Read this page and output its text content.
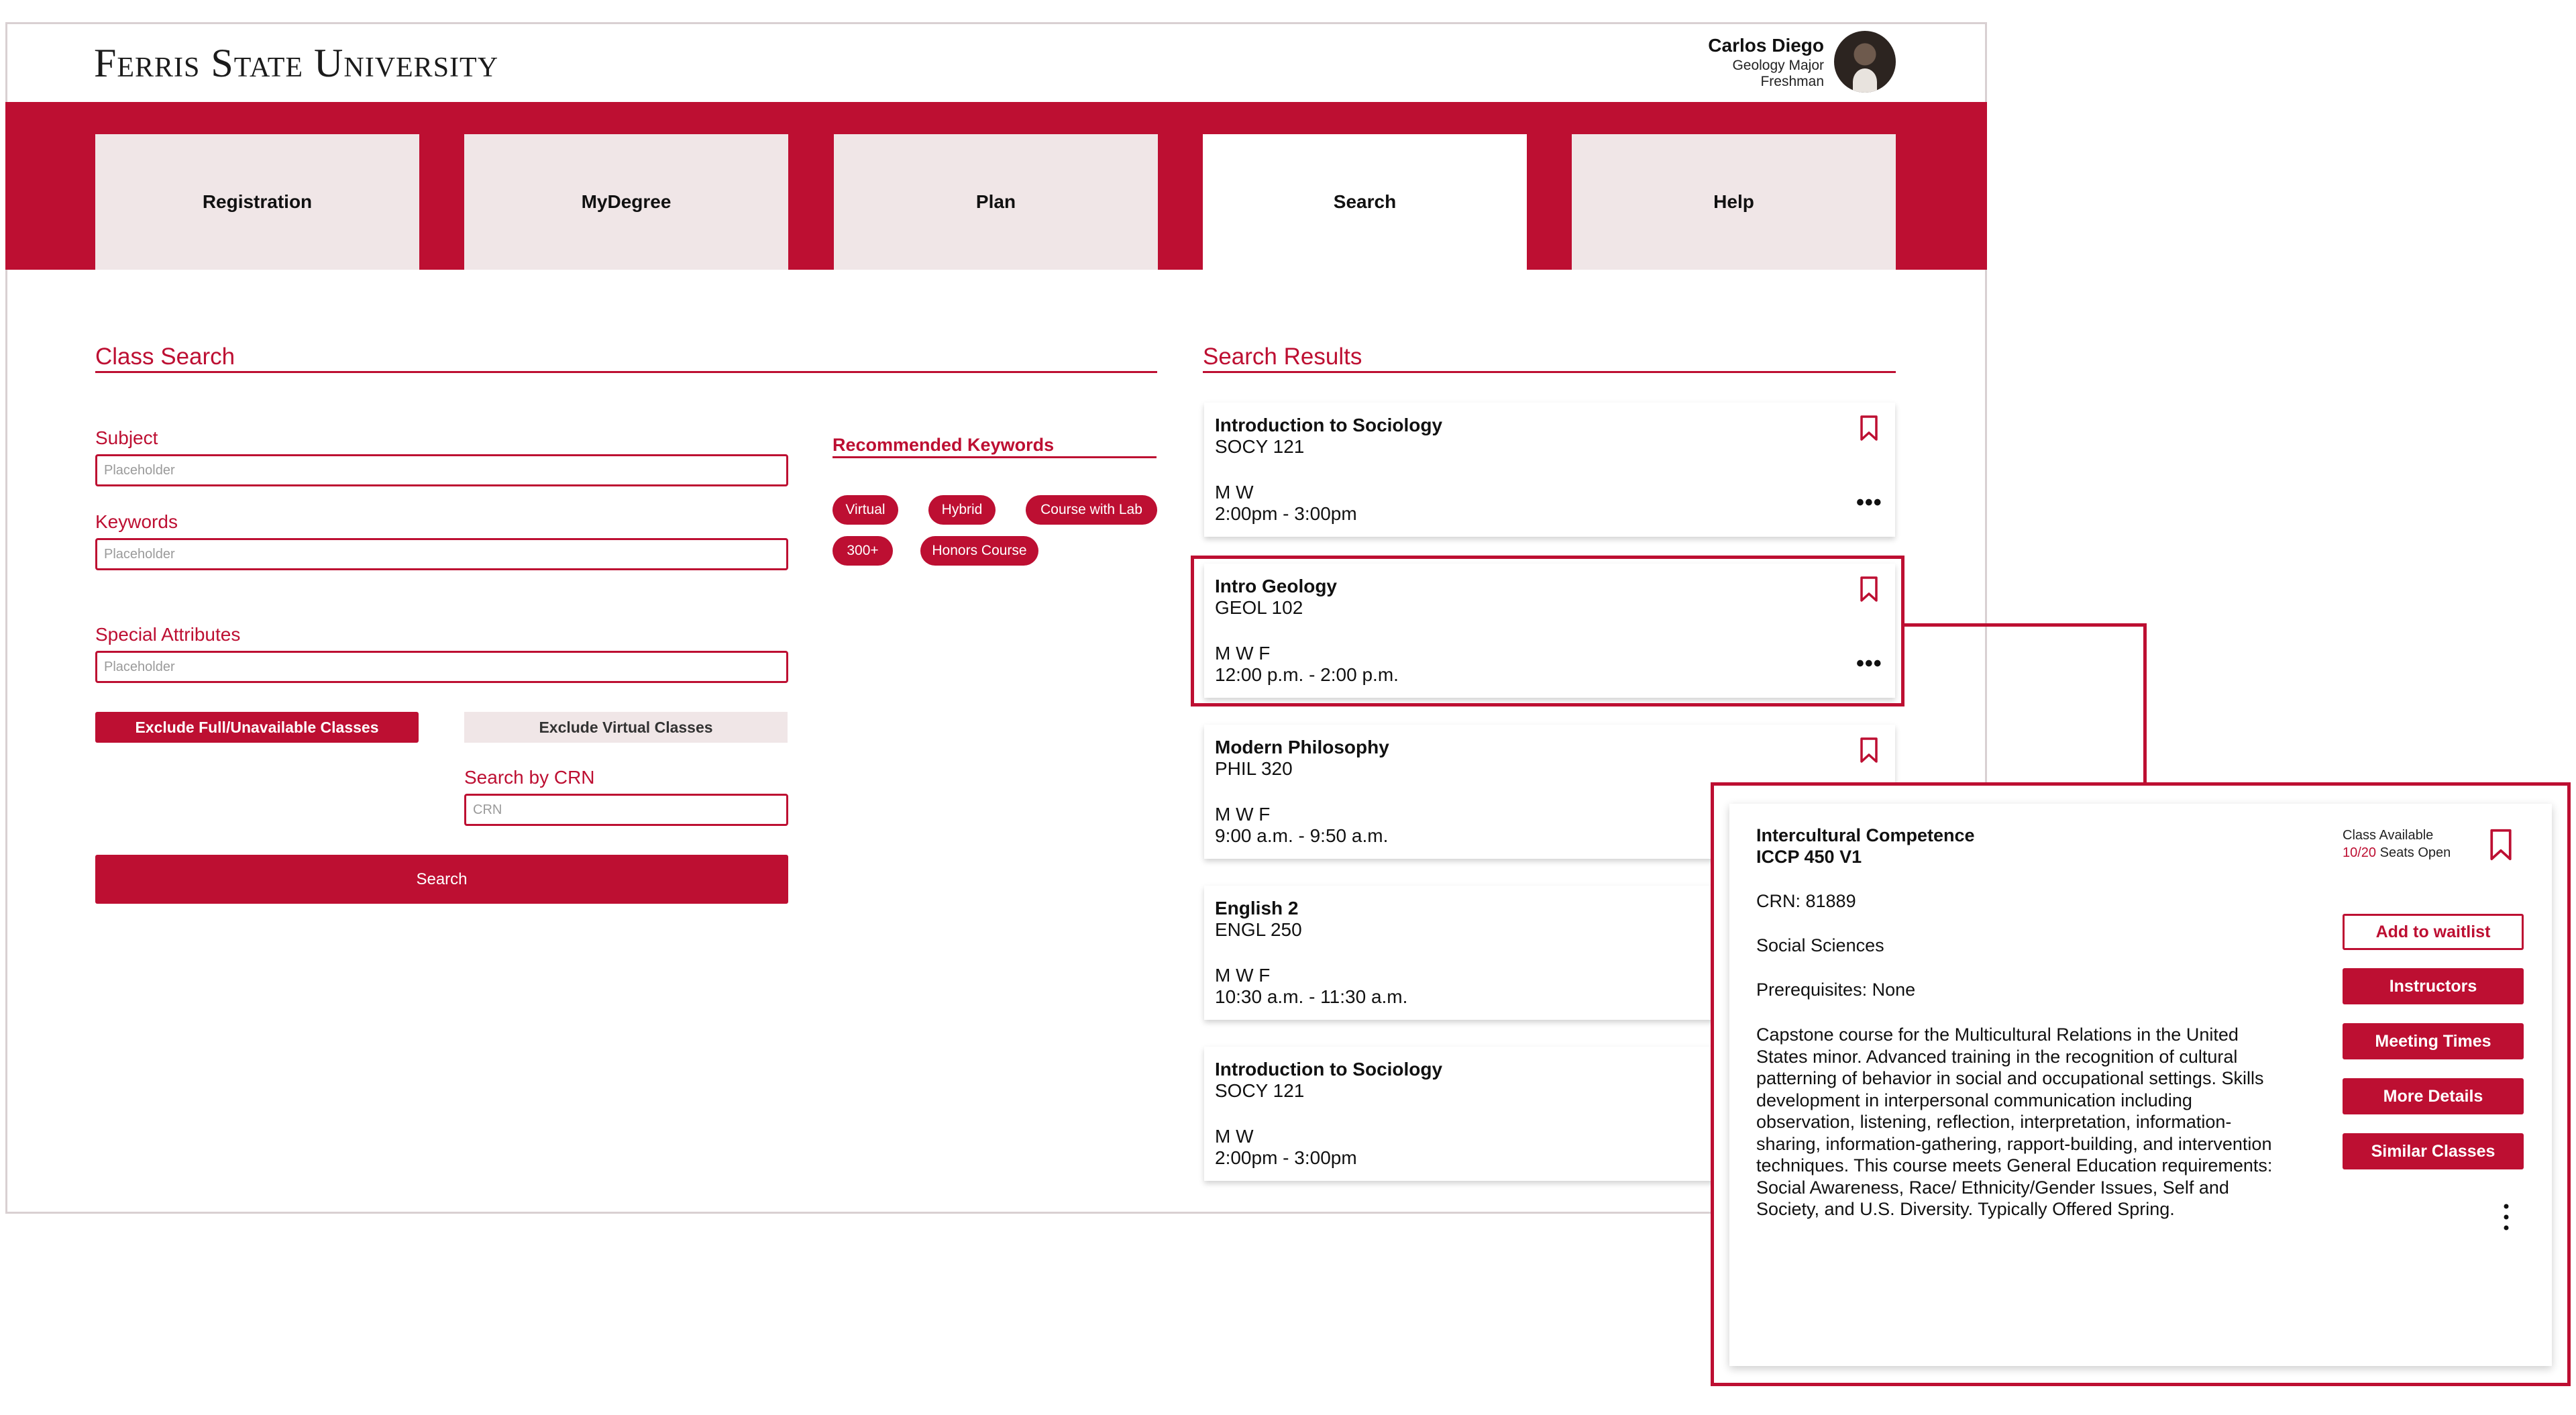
Ferris State University	Carlos Diego
Geology Major
Freshman
Registration	MyDegree	Plan	Search	Help
Class Search
Subject
Placeholder
Keywords
Placeholder
Special Attributes
Placeholder
Exclude Full/Unavailable Classes	Exclude Virtual Classes
Search by CRN
CRN
Search
Recommended Keywords
Virtual	Hybrid	Course with Lab
300+	Honors Course
Search Results
Introduction to Sociology
SOCY 121
M W
2:00pm - 3:00pm	•••
Intro Geology
GEOL 102
M W F
12:00 p.m. - 2:00 p.m.	•••
Modern Philosophy
PHIL 320
M W F
9:00 a.m. - 9:50 a.m.
English 2
ENGL 250
M W F
10:30 a.m. - 11:30 a.m.
Introduction to Sociology
SOCY 121
M W
2:00pm - 3:00pm
Intercultural Competence
ICCP 450 V1
CRN: 81889
Social Sciences
Prerequisites: None
Capstone course for the Multicultural Relations in the United States minor. Advanced training in the recognition of cultural patterning of behavior in social and occupational settings. Skills development in interpersonal communication including observation, listening, reflection, interpretation, information-sharing, information-gathering, rapport-building, and intervention techniques. This course meets General Education requirements: Social Awareness, Race/ Ethnicity/Gender Issues, Self and Society, and U.S. Diversity. Typically Offered Spring.
Class Available
10/20 Seats Open
Add to waitlist
Instructors
Meeting Times
More Details
Similar Classes
